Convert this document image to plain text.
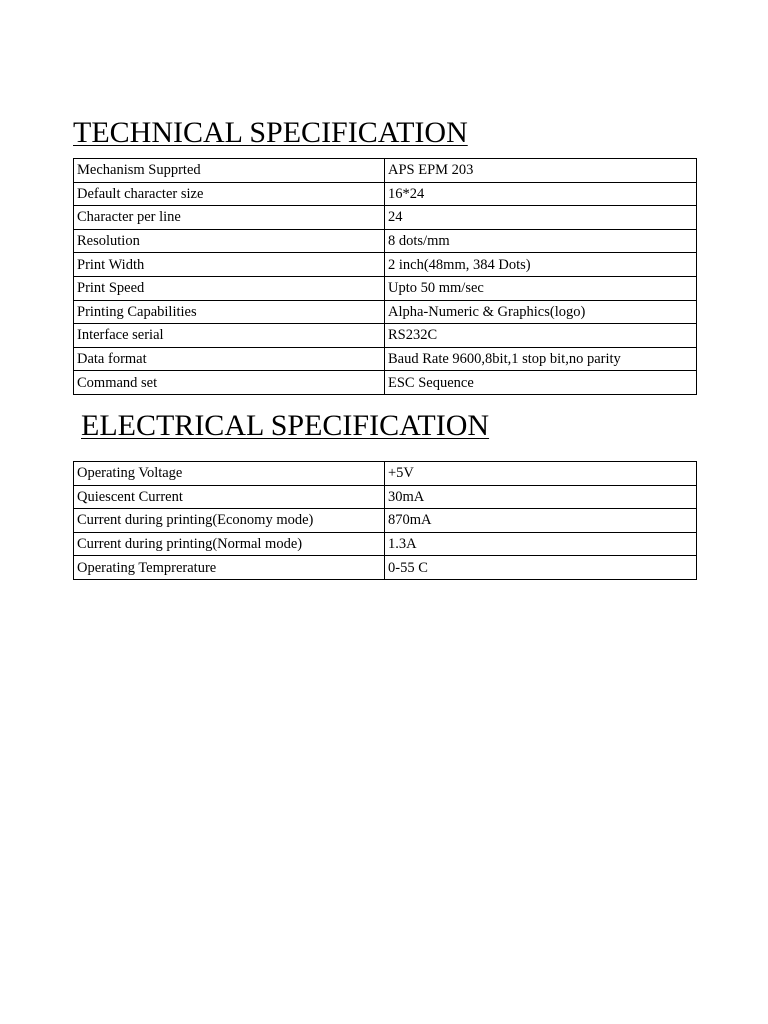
TECHNICAL SPECIFICATION
Mechanism Supprted	APS EPM 203
Default character size	16*24
Character per line	24
Resolution	8 dots/mm
Print Width	2 inch(48mm, 384 Dots)
Print Speed	Upto 50 mm/sec
Printing Capabilities	Alpha-Numeric & Graphics(logo)
Interface serial	RS232C
Data format	Baud Rate 9600,8bit,1 stop bit,no parity
Command set	ESC Sequence
ELECTRICAL SPECIFICATION
Operating Voltage	+5V
Quiescent Current	30mA
Current during printing(Economy mode)	870mA
Current during printing(Normal mode)	1.3A
Operating Temprerature	0-55 C
